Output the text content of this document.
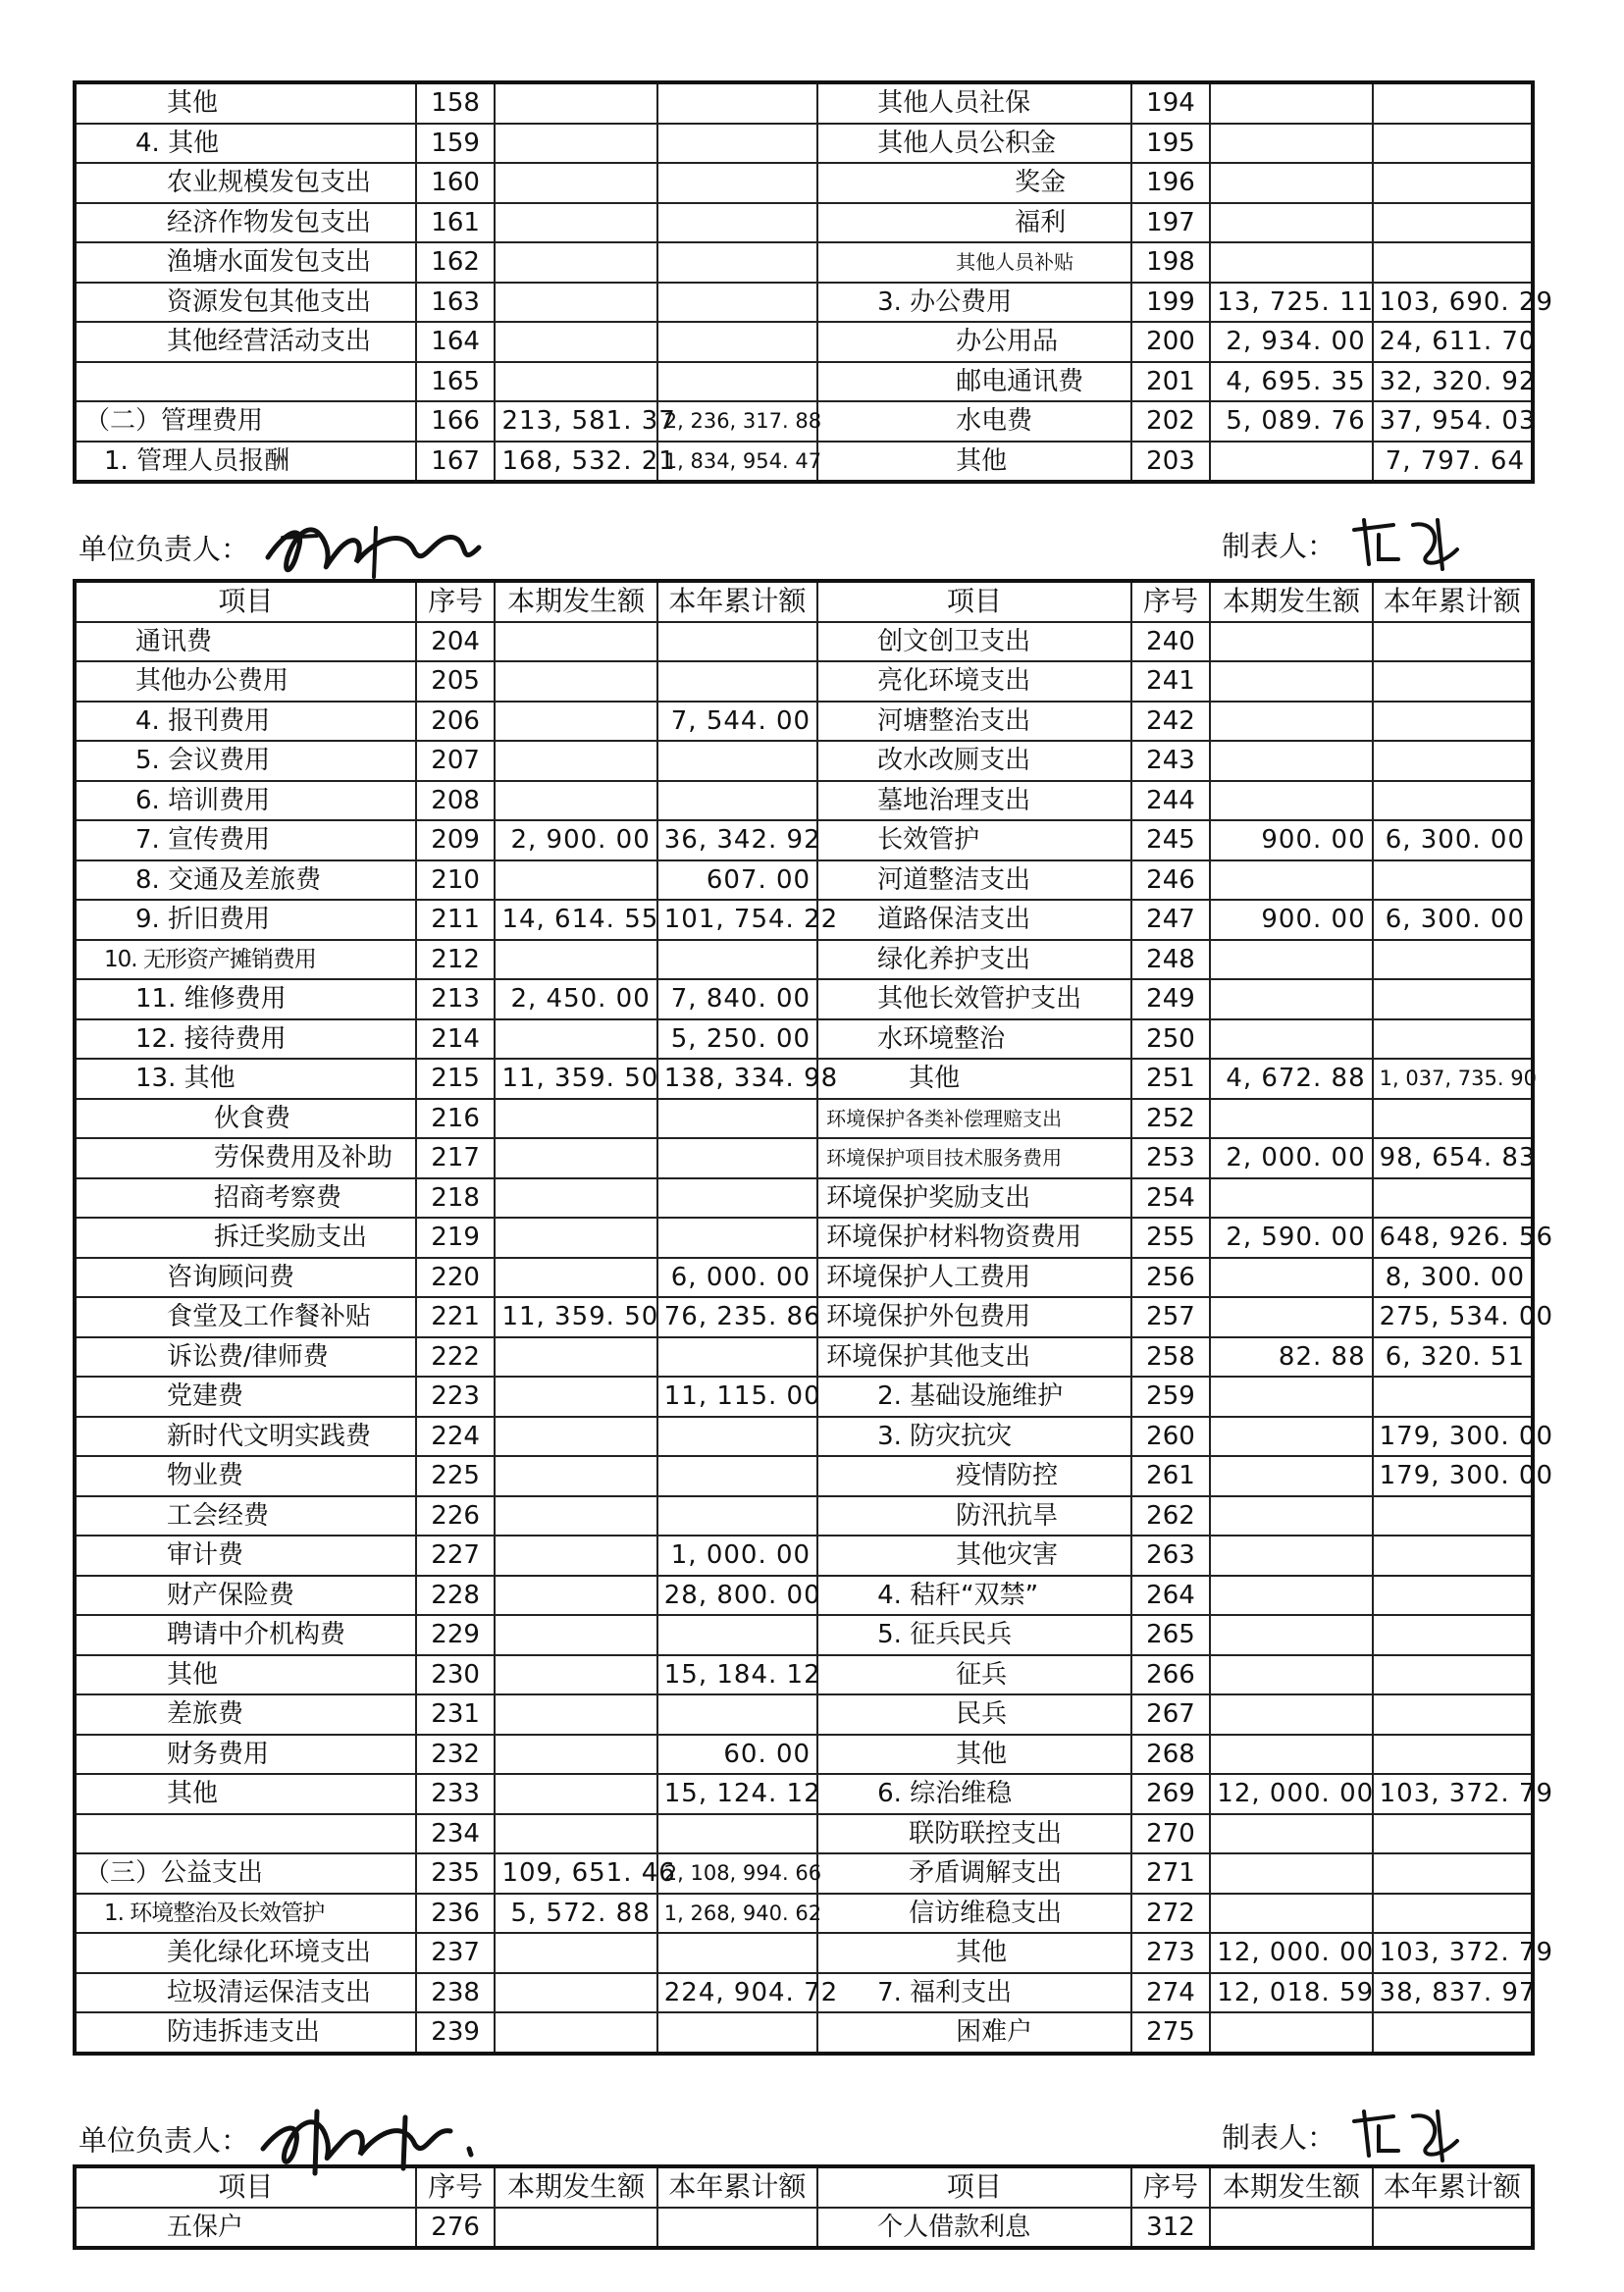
其他	158			其他人员社保	194		
4. 其他	159			其他人员公积金	195		
农业规模发包支出	160			奖金	196		
经济作物发包支出	161			福利	197		
渔塘水面发包支出	162			其他人员补贴	198		
资源发包其他支出	163			3. 办公费用	199	13, 725. 11	103, 690. 29
其他经营活动支出	164			办公用品	200	2, 934. 00	24, 611. 70
	165			邮电通讯费	201	4, 695. 35	32, 320. 92
（二）管理费用	166	213, 581. 37	2, 236, 317. 88	水电费	202	5, 089. 76	37, 954. 03
1. 管理人员报酬	167	168, 532. 21	1, 834, 954. 47	其他	203		7, 797. 64
单位负责人：	制表人：
项目	序号	本期发生额	本年累计额	项目	序号	本期发生额	本年累计额
通讯费	204			创文创卫支出	240		
其他办公费用	205			亮化环境支出	241		
4. 报刊费用	206		7, 544. 00	河塘整治支出	242		
5. 会议费用	207			改水改厕支出	243		
6. 培训费用	208			墓地治理支出	244		
7. 宣传费用	209	2, 900. 00	36, 342. 92	长效管护	245	900. 00	6, 300. 00
8. 交通及差旅费	210		607. 00	河道整洁支出	246		
9. 折旧费用	211	14, 614. 55	101, 754. 22	道路保洁支出	247	900. 00	6, 300. 00
10. 无形资产摊销费用	212			绿化养护支出	248		
11. 维修费用	213	2, 450. 00	7, 840. 00	其他长效管护支出	249		
12. 接待费用	214		5, 250. 00	水环境整治	250		
13. 其他	215	11, 359. 50	138, 334. 98	其他	251	4, 672. 88	1, 037, 735. 90
伙食费	216			环境保护各类补偿理赔支出	252		
劳保费用及补助	217			环境保护项目技术服务费用	253	2, 000. 00	98, 654. 83
招商考察费	218			环境保护奖励支出	254		
拆迁奖励支出	219			环境保护材料物资费用	255	2, 590. 00	648, 926. 56
咨询顾问费	220		6, 000. 00	环境保护人工费用	256		8, 300. 00
食堂及工作餐补贴	221	11, 359. 50	76, 235. 86	环境保护外包费用	257		275, 534. 00
诉讼费/律师费	222			环境保护其他支出	258	82. 88	6, 320. 51
党建费	223		11, 115. 00	2. 基础设施维护	259		
新时代文明实践费	224			3. 防灾抗灾	260		179, 300. 00
物业费	225			疫情防控	261		179, 300. 00
工会经费	226			防汛抗旱	262		
审计费	227		1, 000. 00	其他灾害	263		
财产保险费	228		28, 800. 00	4. 秸秆“双禁”	264		
聘请中介机构费	229			5. 征兵民兵	265		
其他	230		15, 184. 12	征兵	266		
差旅费	231			民兵	267		
财务费用	232		60. 00	其他	268		
其他	233		15, 124. 12	6. 综治维稳	269	12, 000. 00	103, 372. 79
	234			联防联控支出	270		
（三）公益支出	235	109, 651. 46	2, 108, 994. 66	矛盾调解支出	271		
1. 环境整治及长效管护	236	5, 572. 88	1, 268, 940. 62	信访维稳支出	272		
美化绿化环境支出	237			其他	273	12, 000. 00	103, 372. 79
垃圾清运保洁支出	238		224, 904. 72	7. 福利支出	274	12, 018. 59	38, 837. 97
防违拆违支出	239			困难户	275		
单位负责人：	制表人：
项目	序号	本期发生额	本年累计额	项目	序号	本期发生额	本年累计额
五保户	276			个人借款利息	312		
